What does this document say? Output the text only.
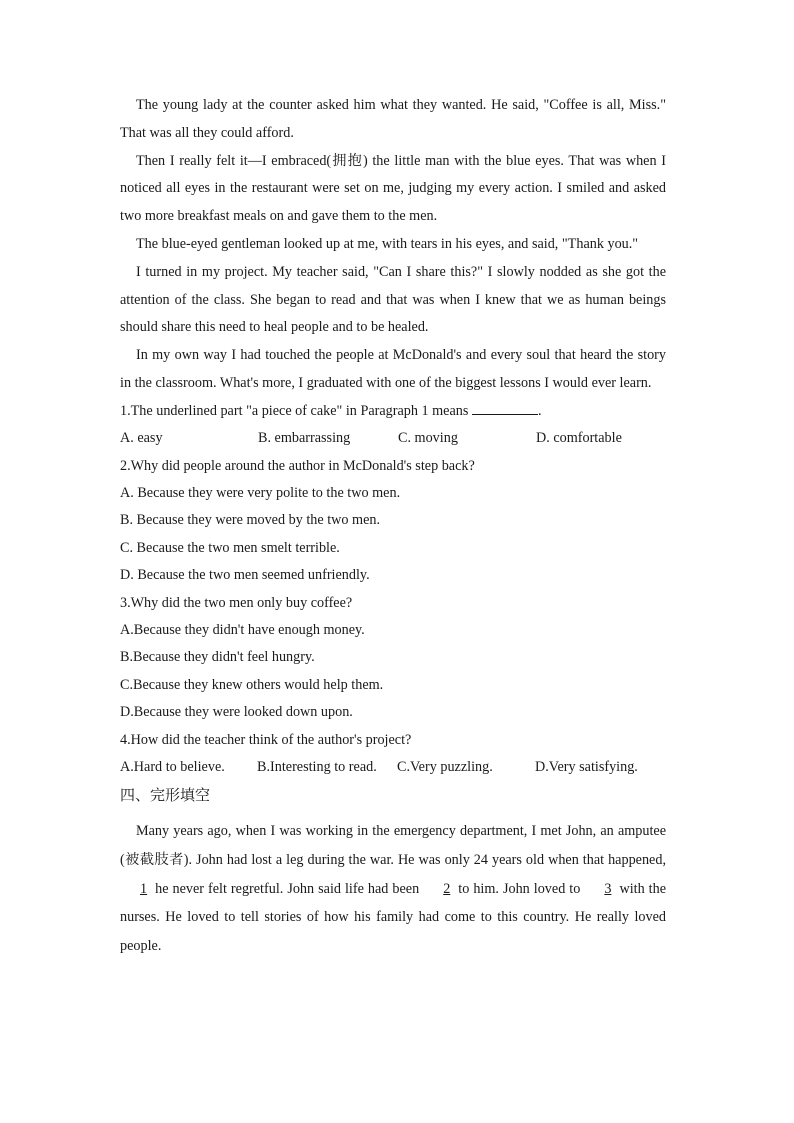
The young lady at the counter asked him what they wanted. He said, "Coffee is all, Miss." That was all they could afford.

Then I really felt it—I embraced(拥抱) the little man with the blue eyes. That was when I noticed all eyes in the restaurant were set on me, judging my every action. I smiled and asked two more breakfast meals on and gave them to the men.

The blue-eyed gentleman looked up at me, with tears in his eyes, and said, "Thank you."

I turned in my project. My teacher said, "Can I share this?" I slowly nodded as she got the attention of the class. She began to read and that was when I knew that we as human beings should share this need to heal people and to be healed.

In my own way I had touched the people at McDonald's and every soul that heard the story in the classroom. What's more, I graduated with one of the biggest lessons I would ever learn.

1.The underlined part "a piece of cake" in Paragraph 1 means	.

A. easy	B. embarrassing	C. moving	D. comfortable

2.Why did people around the author in McDonald's step back?

A. Because they were very polite to the two men.

B. Because they were moved by the two men.

C. Because the two men smelt terrible.

D. Because the two men seemed unfriendly.

3.Why did the two men only buy coffee?

A.Because they didn't have enough money.

B.Because they didn't feel hungry.

C.Because they knew others would help them.

D.Because they were looked down upon.

4.How did the teacher think of the author's project?

A.Hard to believe.	B.Interesting to read.	C.Very puzzling.	D.Very satisfying.

四、完形填空

Many years ago, when I was working in the emergency department, I met John, an amputee (被截肢者). John had lost a leg during the war. He was only 24 years old when that happened, 1 he never felt regretful. John said life had been 2 to him. John loved to 3 with the nurses. He loved to tell stories of how his family had come to this country. He really loved people.
